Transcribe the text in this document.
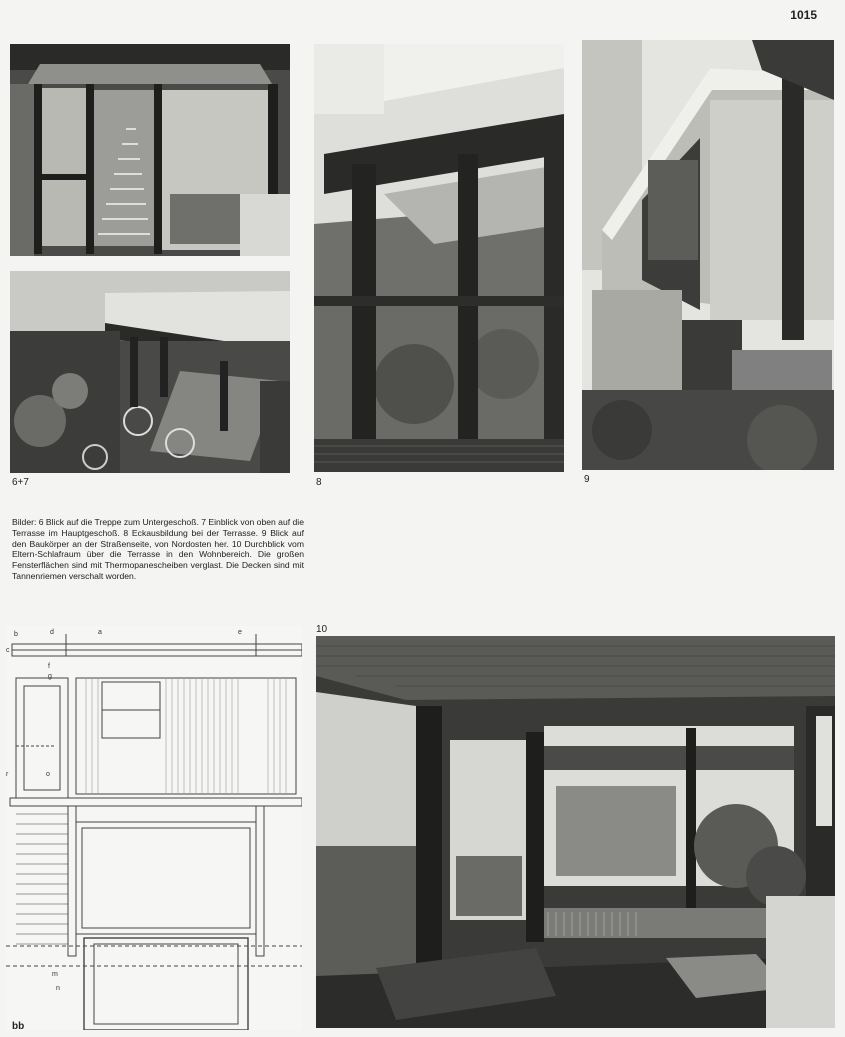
1015
6+7	8	9
Bilder: 6 Blick auf die Treppe zum Untergeschoß. 7 Einblick von oben auf die Terrasse im Hauptgeschoß. 8 Eckausbildung bei der Terrasse. 9 Blick auf den Baukörper an der Straßenseite, von Nordosten her. 10 Durchblick vom Eltern-Schlafraum über die Terrasse in den Wohnbereich. Die großen Fensterflächen sind mit Thermopanescheiben verglast. Die Decken sind mit Tannenriemen verschalt worden.
b	d	a	e
c
f
g
o
r
m
n
bb
10
